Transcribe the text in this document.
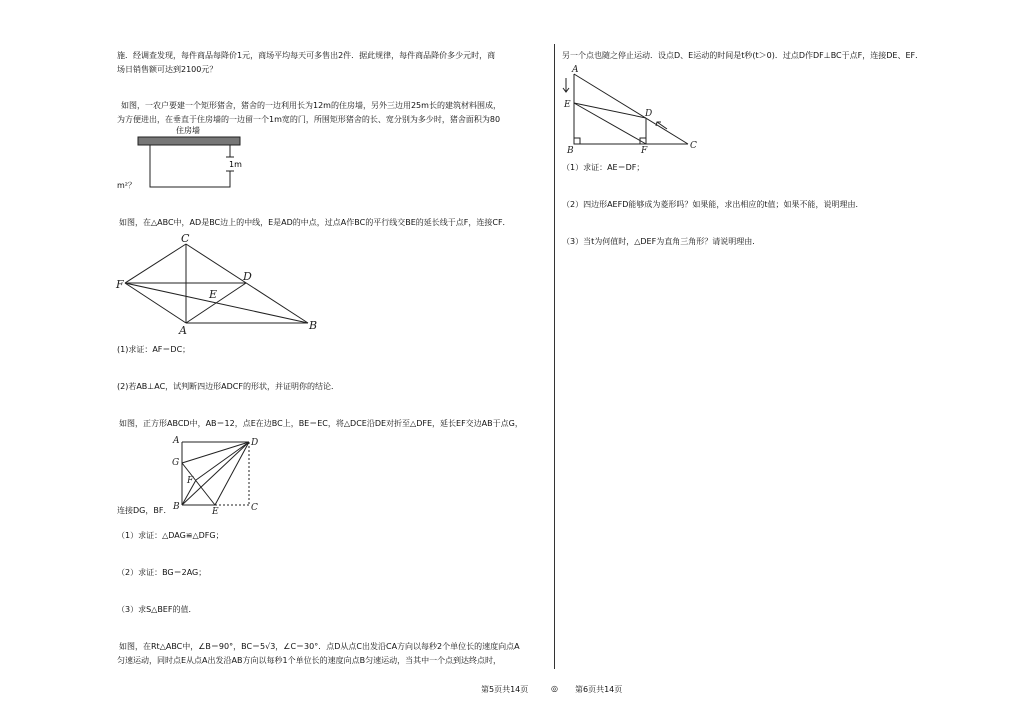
施．经调查发现，每件商品每降价1元，商场平均每天可多售出2件．据此规律，每件商品降价多少元时，商
场日销售额可达到2100元？
如图，一农户要建一个矩形猪舍，猪舍的一边利用长为12m的住房墙，另外三边用25m长的建筑材料围成，
为方便进出，在垂直于住房墙的一边留一个1m宽的门，所围矩形猪舍的长、宽分别为多少时，猪舍面积为80
住房墙
1m
m²？
如图，在△ABC中，AD是BC边上的中线，E是AD的中点，过点A作BC的平行线交BE的延长线于点F，连接CF．
C
D
F
E
A	B
(1)求证：AF＝DC；
(2)若AB⊥AC，试判断四边形ADCF的形状，并证明你的结论．
如图，正方形ABCD中，AB＝12，点E在边BC上，BE＝EC，将△DCE沿DE对折至△DFE，延长EF交边AB于点G，
A	D
G
F
B	E	C
连接DG，BF．
（1）求证：△DAG≌△DFG；
（2）求证：BG＝2AG；
（3）求S△BEF的值．
如图，在Rt△ABC中，∠B＝90°，BC＝5√3，∠C＝30°．点D从点C出发沿CA方向以每秒2个单位长的速度向点A
匀速运动，同时点E从点A出发沿AB方向以每秒1个单位长的速度向点B匀速运动，当其中一个点到达终点时，
另一个点也随之停止运动．设点D、E运动的时间是t秒(t＞0)．过点D作DF⊥BC于点F，连接DE、EF．
A
E
D
B	F	C
（1）求证：AE＝DF；
（2）四边形AEFD能够成为菱形吗？如果能，求出相应的t值；如果不能，说明理由．
（3）当t为何值时，△DEF为直角三角形？请说明理由．
第5页共14页	◎ 第6页共14页
